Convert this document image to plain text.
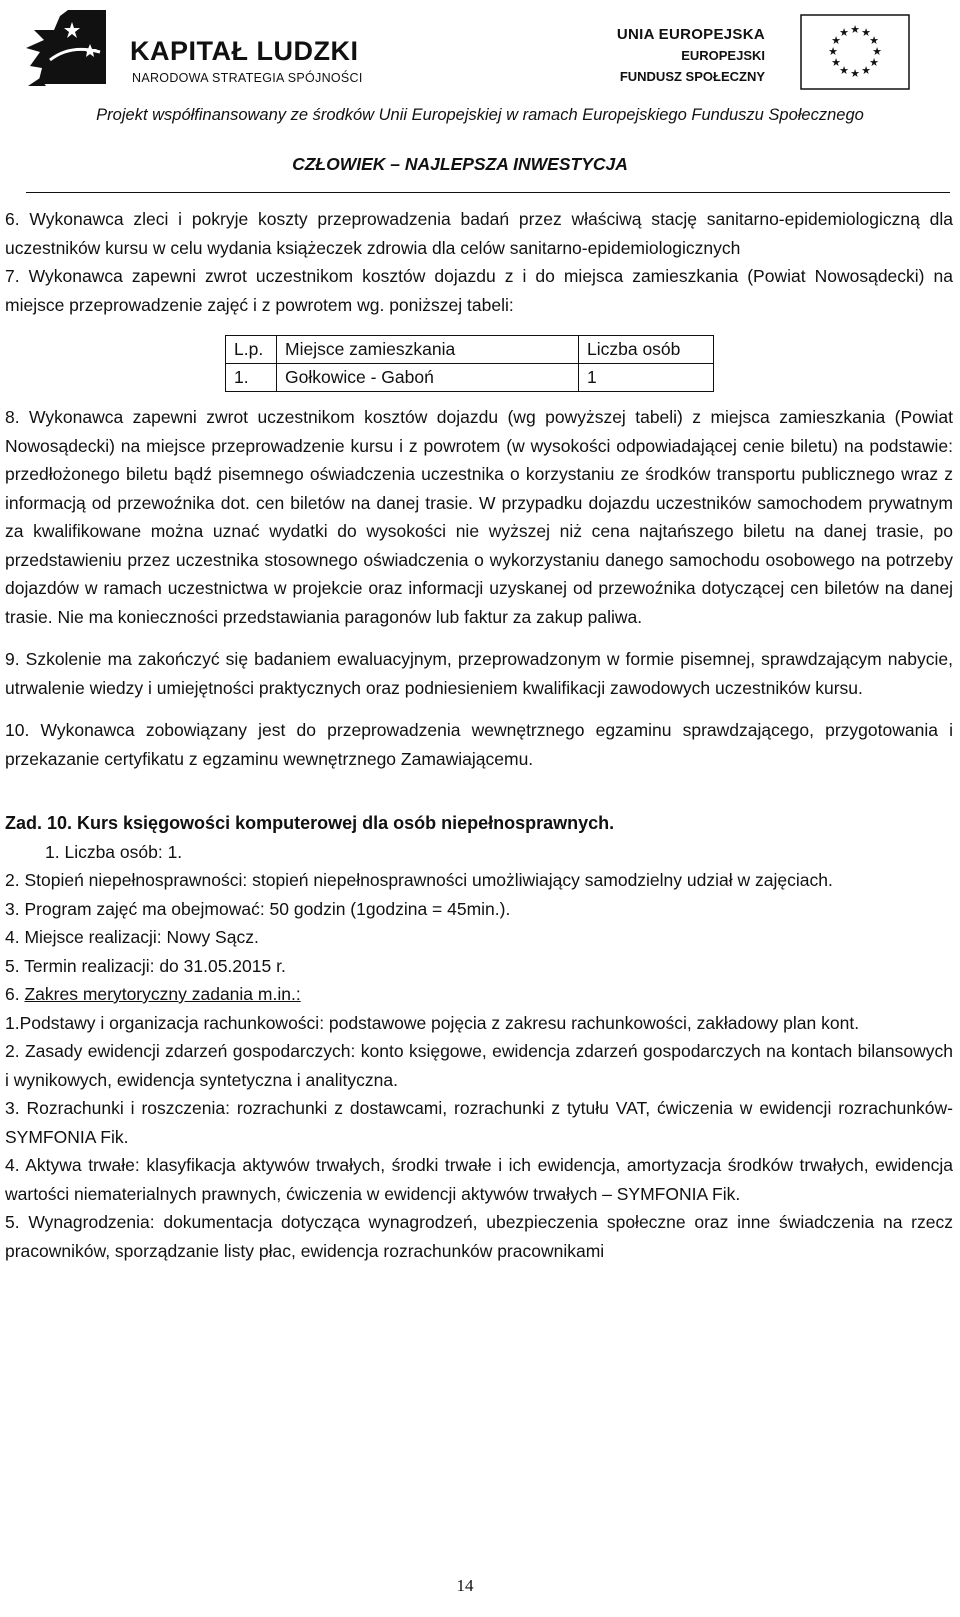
KAPITAŁ LUDZKI
NARODOWA STRATEGIA SPÓJNOŚCI
UNIA EUROPEJSKA
EUROPEJSKI
FUNDUSZ SPOŁECZNY
★ ★
★
★
★
★
★
★
★
★
★
★
Projekt współfinansowany ze środków Unii Europejskiej w ramach Europejskiego Funduszu Społecznego
CZŁOWIEK – NAJLEPSZA INWESTYCJA

6. Wykonawca zleci i pokryje koszty przeprowadzenia badań przez właściwą stację sanitarno-epidemiologiczną dla uczestników kursu w celu wydania książeczek zdrowia dla celów sanitarno-epidemiologicznych

7. Wykonawca zapewni zwrot uczestnikom kosztów dojazdu z i do miejsca zamieszkania (Powiat Nowosądecki) na miejsce przeprowadzenie zajęć i z powrotem wg. poniższej tabeli:

L.p.	Miejsce zamieszkania	Liczba osób
1.	Gołkowice - Gaboń	1

8. Wykonawca zapewni zwrot uczestnikom kosztów dojazdu (wg powyższej tabeli) z miejsca zamieszkania (Powiat Nowosądecki) na miejsce przeprowadzenie kursu i z powrotem (w wysokości odpowiadającej cenie biletu) na podstawie: przedłożonego biletu bądź pisemnego oświadczenia uczestnika o korzystaniu ze środków transportu publicznego wraz z informacją od przewoźnika dot. cen biletów na danej trasie. W przypadku dojazdu uczestników samochodem prywatnym za kwalifikowane można uznać wydatki do wysokości nie wyższej niż cena najtańszego biletu na danej trasie, po przedstawieniu przez uczestnika stosownego oświadczenia o wykorzystaniu danego samochodu osobowego na potrzeby dojazdów w ramach uczestnictwa w projekcie oraz informacji uzyskanej od przewoźnika dotyczącej cen biletów na danej trasie. Nie ma konieczności przedstawiania paragonów lub faktur za zakup paliwa.

9. Szkolenie ma zakończyć się badaniem ewaluacyjnym, przeprowadzonym w formie pisemnej, sprawdzającym nabycie, utrwalenie wiedzy i umiejętności praktycznych oraz podniesieniem kwalifikacji zawodowych uczestników kursu.

10. Wykonawca zobowiązany jest do przeprowadzenia wewnętrznego egzaminu sprawdzającego, przygotowania i przekazanie certyfikatu z egzaminu wewnętrznego Zamawiającemu.

Zad. 10. Kurs księgowości komputerowej dla osób niepełnosprawnych.

1. Liczba osób: 1.

2. Stopień niepełnosprawności: stopień niepełnosprawności umożliwiający samodzielny udział w zajęciach.

3. Program zajęć ma obejmować: 50 godzin (1godzina = 45min.).

4. Miejsce realizacji: Nowy Sącz.

5. Termin realizacji: do 31.05.2015 r.

6. Zakres merytoryczny zadania m.in.:

1.Podstawy i organizacja rachunkowości: podstawowe pojęcia z zakresu rachunkowości, zakładowy plan kont.

2. Zasady ewidencji zdarzeń gospodarczych: konto księgowe, ewidencja zdarzeń gospodarczych na kontach bilansowych i wynikowych, ewidencja syntetyczna i analityczna.

3. Rozrachunki i roszczenia: rozrachunki z dostawcami, rozrachunki z tytułu VAT, ćwiczenia w ewidencji rozrachunków- SYMFONIA Fik.

4. Aktywa trwałe: klasyfikacja aktywów trwałych, środki trwałe i ich ewidencja, amortyzacja środków trwałych, ewidencja wartości niematerialnych prawnych, ćwiczenia w ewidencji aktywów trwałych – SYMFONIA Fik.

5. Wynagrodzenia: dokumentacja dotycząca wynagrodzeń, ubezpieczenia społeczne oraz inne świadczenia na rzecz pracowników, sporządzanie listy płac, ewidencja rozrachunków pracownikami

14
